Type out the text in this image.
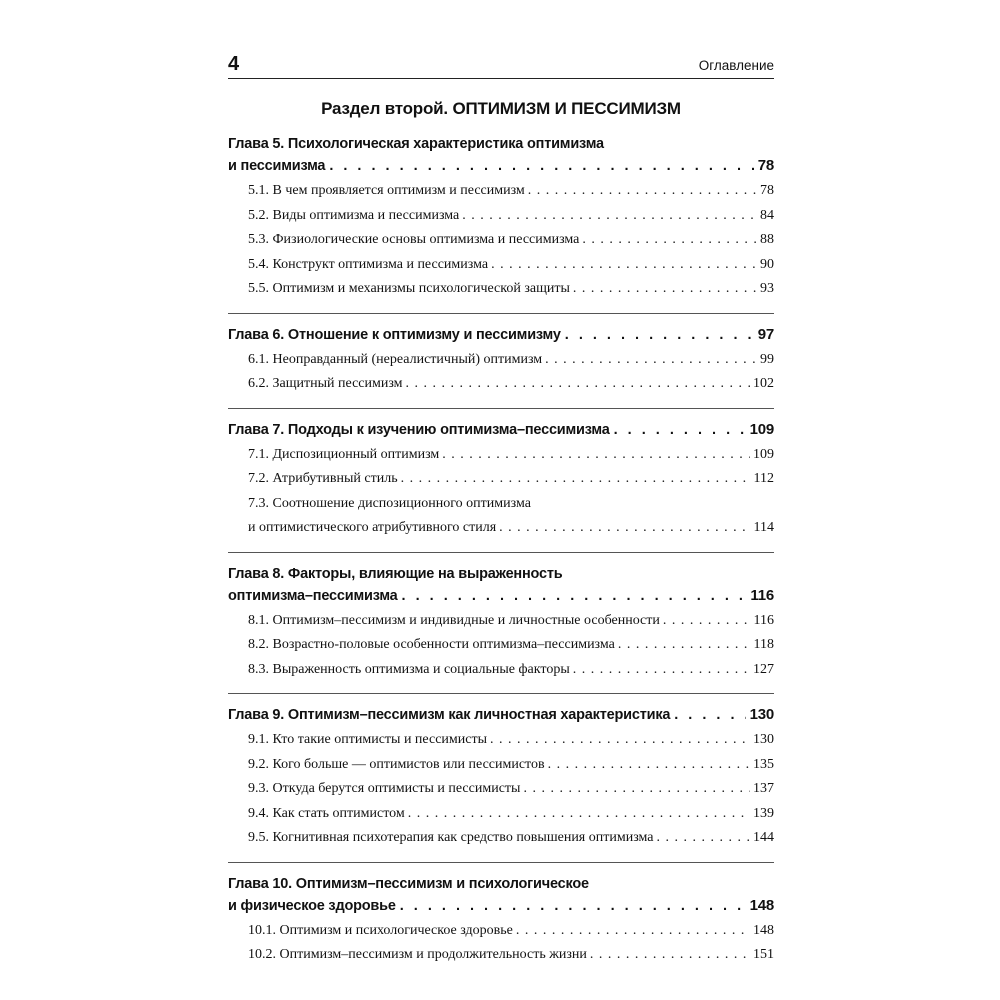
4	Оглавление
Раздел второй. ОПТИМИЗМ И ПЕССИМИЗМ
Глава 5. Психологическая характеристика оптимизма
и пессимизма . . .	78
5.1. В чем проявляется оптимизм и пессимизм . . .	78
5.2. Виды оптимизма и пессимизма . . .	84
5.3. Физиологические основы оптимизма и пессимизма . . .	88
5.4. Конструкт оптимизма и пессимизма . . .	90
5.5. Оптимизм и механизмы психологической защиты . . .	93
Глава 6. Отношение к оптимизму и пессимизму . . .	97
6.1. Неоправданный (нереалистичный) оптимизм . . .	99
6.2. Защитный пессимизм . . .	102
Глава 7. Подходы к изучению оптимизма–пессимизма . . .	109
7.1. Диспозиционный оптимизм . . .	109
7.2. Атрибутивный стиль . . .	112
7.3. Соотношение диспозиционного оптимизма
и оптимистического атрибутивного стиля . . .	114
Глава 8. Факторы, влияющие на выраженность
оптимизма–пессимизма . . .	116
8.1. Оптимизм–пессимизм и индивидные и личностные особенности . . .	116
8.2. Возрастно-половые особенности оптимизма–пессимизма . . .	118
8.3. Выраженность оптимизма и социальные факторы . . .	127
Глава 9. Оптимизм–пессимизм как личностная характеристика . . .	130
9.1. Кто такие оптимисты и пессимисты . . .	130
9.2. Кого больше — оптимистов или пессимистов . . .	135
9.3. Откуда берутся оптимисты и пессимисты . . .	137
9.4. Как стать оптимистом . . .	139
9.5. Когнитивная психотерапия как средство повышения оптимизма . . .	144
Глава 10. Оптимизм–пессимизм и психологическое
и физическое здоровье . . .	148
10.1. Оптимизм и психологическое здоровье . . .	148
10.2. Оптимизм–пессимизм и продолжительность жизни . . .	151
